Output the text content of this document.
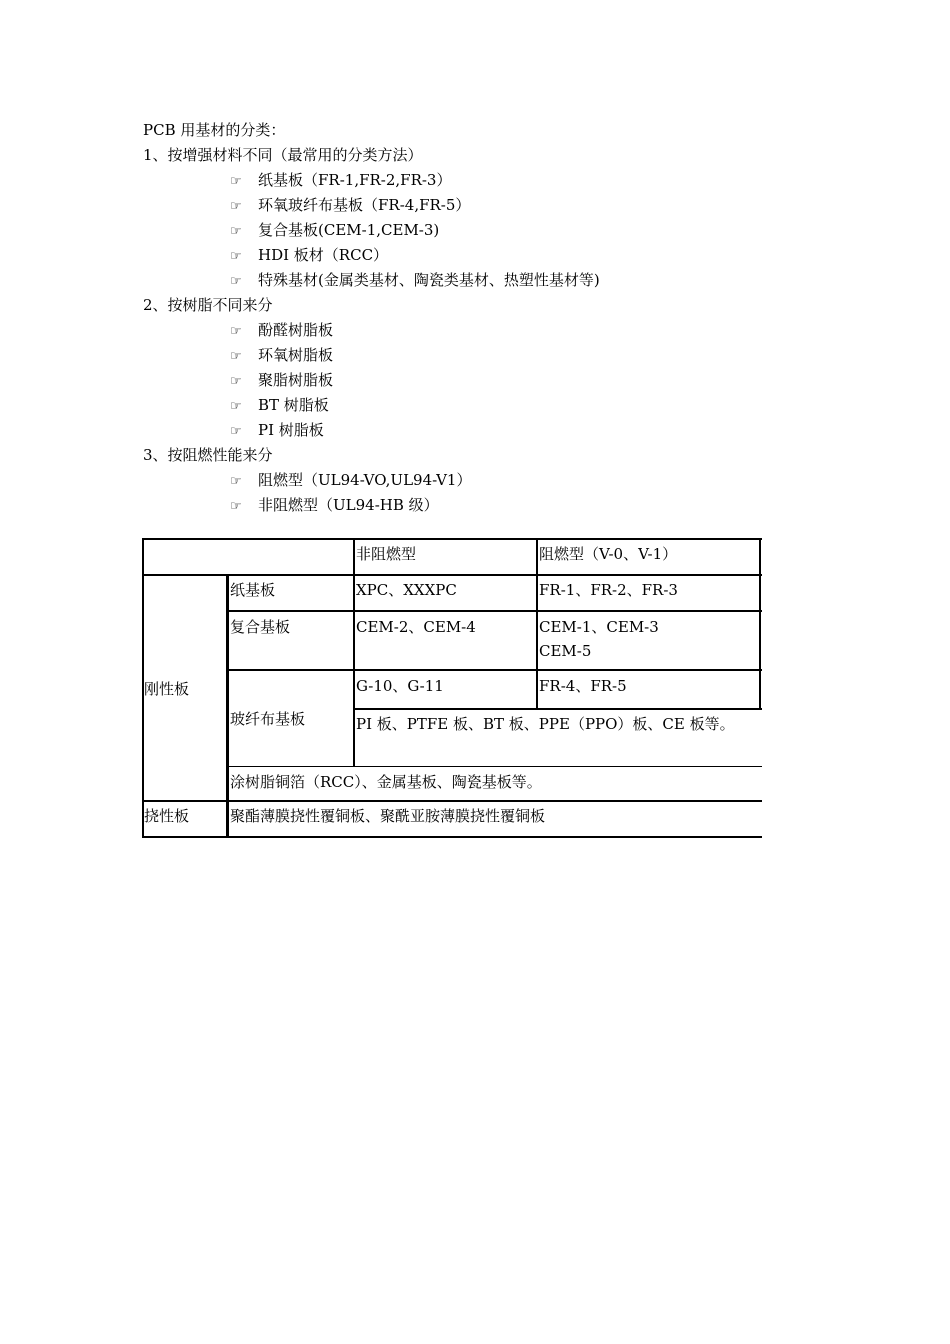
PCB 用基材的分类：
1、按增强材料不同（最常用的分类方法）
☞ 纸基板（FR-1,FR-2,FR-3）
☞ 环氧玻纤布基板（FR-4,FR-5）
☞ 复合基板(CEM-1,CEM-3)
☞ HDI 板材（RCC）
☞ 特殊基材(金属类基材、陶瓷类基材、热塑性基材等)
2、按树脂不同来分
☞ 酚醛树脂板
☞ 环氧树脂板
☞ 聚脂树脂板
☞ BT 树脂板
☞ PI 树脂板
3、按阻燃性能来分
☞ 阻燃型（UL94-VO,UL94-V1）
☞ 非阻燃型（UL94-HB 级）
非阻燃型	阻燃型（V-0、V-1）
刚性板
纸基板	XPC、XXXPC	FR-1、FR-2、FR-3
复合基板	CEM-2、CEM-4	CEM-1、CEM-3
CEM-5
玻纤布基板
G-10、G-11	FR-4、FR-5
PI 板、PTFE 板、BT 板、PPE（PPO）板、CE 板等。
涂树脂铜箔（RCC）、金属基板、陶瓷基板等。
挠性板	聚酯薄膜挠性覆铜板、聚酰亚胺薄膜挠性覆铜板
